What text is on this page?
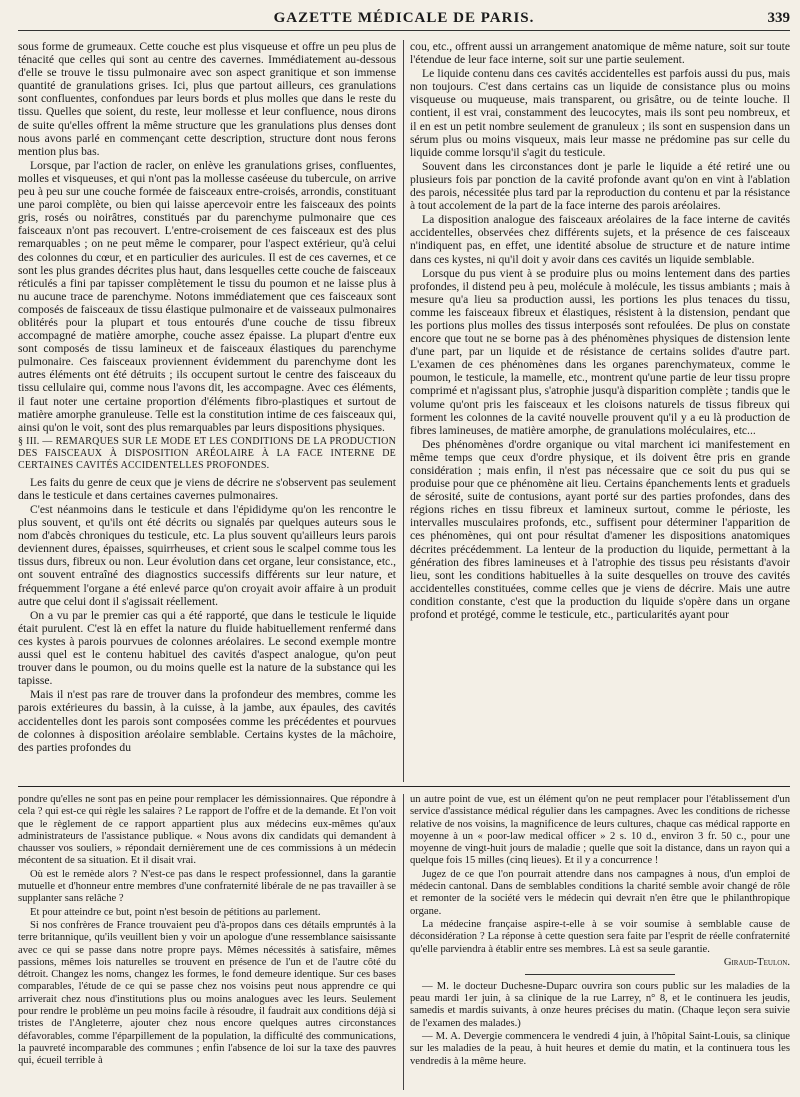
GAZETTE MÉDICALE DE PARIS.	339

sous forme de grumeaux. Cette couche est plus visqueuse et offre un peu plus de ténacité que celles qui sont au centre des cavernes. Immédiatement au-dessous d'elle se trouve le tissu pulmonaire avec son aspect granitique et son immense quantité de granulations grises. Ici, plus que partout ailleurs, ces granulations sont confluentes, confondues par leurs bords et plus molles que dans le reste du tissu. Quelles que soient, du reste, leur mollesse et leur confluence, nous dirons de suite qu'elles offrent la même structure que les granulations plus denses dont nous avons parlé en commençant cette description, structure dont nous ferons mention plus bas.

Lorsque, par l'action de racler, on enlève les granulations grises, confluentes, molles et visqueuses, et qui n'ont pas la mollesse caséeuse du tubercule, on arrive peu à peu sur une couche formée de faisceaux entre-croisés, arrondis, constituant une paroi complète, ou bien qui laisse apercevoir entre les faisceaux des points gris, rosés ou noirâtres, constitués par du parenchyme pulmonaire que ces faisceaux n'ont pas recouvert. L'entre-croisement de ces faisceaux est des plus remarquables ; on ne peut même le comparer, pour l'aspect extérieur, qu'à celui des colonnes du cœur, et en particulier des auricules. Il est de ces cavernes, et ce sont les plus grandes décrites plus haut, dans lesquelles cette couche de faisceaux réticulés a fini par tapisser complètement le tissu du poumon et ne laisse plus à nu aucune trace de parenchyme. Notons immédiatement que ces faisceaux sont composés de faisceaux de tissu élastique pulmonaire et de vaisseaux pulmonaires oblitérés pour la plupart et tous entourés d'une couche de tissu fibreux accompagné de matière amorphe, couche assez épaisse. La plupart d'entre eux sont composés de tissu lamineux et de faisceaux élastiques du parenchyme pulmonaire. Ces faisceaux proviennent évidemment du parenchyme dont les autres éléments ont été détruits ; ils occupent surtout le centre des faisceaux du tissu cellulaire qui, comme nous l'avons dit, les accompagne. Avec ces éléments, il faut noter une certaine proportion d'éléments fibro-plastiques et surtout de matière amorphe granuleuse. Telle est la constitution intime de ces faisceaux qui, ainsi qu'on le voit, sont des plus remarquables par leurs dispositions physiques.

§ III. — REMARQUES SUR LE MODE ET LES CONDITIONS DE LA PRODUCTION DES FAISCEAUX À DISPOSITION ARÉOLAIRE À LA FACE INTERNE DE CERTAINES CAVITÉS ACCIDENTELLES PROFONDES.

Les faits du genre de ceux que je viens de décrire ne s'observent pas seulement dans le testicule et dans certaines cavernes pulmonaires.

C'est néanmoins dans le testicule et dans l'épididyme qu'on les rencontre le plus souvent, et qu'ils ont été décrits ou signalés par quelques auteurs sous le nom d'abcès chroniques du testicule, etc. La plus souvent qu'ailleurs leurs parois deviennent dures, épaisses, squirrheuses, et crient sous le scalpel comme tous les tissus durs, fibreux ou non. Leur évolution dans cet organe, leur consistance, etc., ont souvent entraîné des diagnostics successifs différents sur leur nature, et fréquemment l'organe a été enlevé parce qu'on croyait avoir affaire à un produit autre que celui dont il s'agissait réellement.

On a vu par le premier cas qui a été rapporté, que dans le testicule le liquide était purulent. C'est là en effet la nature du fluide habituellement renfermé dans ces kystes à parois pourvues de colonnes aréolaires. Le second exemple montre aussi quel est le contenu habituel des cavités d'aspect analogue, qu'on peut trouver dans le poumon, ou du moins quelle est la nature de la substance qui les tapisse.

Mais il n'est pas rare de trouver dans la profondeur des membres, comme les parois extérieures du bassin, à la cuisse, à la jambe, aux épaules, des cavités accidentelles dont les parois sont composées comme les précédentes et pourvues de colonnes à disposition aréolaire semblable. Certains kystes de la mâchoire, des parties profondes du

cou, etc., offrent aussi un arrangement anatomique de même nature, soit sur toute l'étendue de leur face interne, soit sur une partie seulement.

Le liquide contenu dans ces cavités accidentelles est parfois aussi du pus, mais non toujours. C'est dans certains cas un liquide de consistance plus ou moins visqueuse ou muqueuse, mais transparent, ou grisâtre, ou de teinte louche. Il contient, il est vrai, constamment des leucocytes, mais ils sont peu nombreux, et il en est un petit nombre seulement de granuleux ; ils sont en suspension dans un sérum plus ou moins visqueux, mais leur masse ne prédomine pas sur celle du liquide comme lorsqu'il s'agit du testicule.

Souvent dans les circonstances dont je parle le liquide a été retiré une ou plusieurs fois par ponction de la cavité profonde avant qu'on en vint à l'ablation des parois, nécessitée plus tard par la reproduction du contenu et par la résistance à tout accolement de la part de la face interne des parois aréolaires.

La disposition analogue des faisceaux aréolaires de la face interne de cavités accidentelles, observées chez différents sujets, et la présence de ces faisceaux n'indiquent pas, en effet, une identité absolue de structure et de nature intime dans ces kystes, ni qu'il doit y avoir dans ces cavités un liquide semblable.

Lorsque du pus vient à se produire plus ou moins lentement dans des parties profondes, il distend peu à peu, molécule à molécule, les tissus ambiants ; mais à mesure qu'a lieu sa production aussi, les portions les plus tenaces du tissu, comme les faisceaux fibreux et élastiques, résistent à la distension, pendant que les portions plus molles des tissus interposés sont refoulées. De plus on constate encore que tout ne se borne pas à des phénomènes physiques de distension lente d'une part, par un liquide et de résistance de certains solides d'autre part. L'examen de ces phénomènes dans les organes parenchymateux, comme le poumon, le testicule, la mamelle, etc., montrent qu'une partie de leur tissu propre comprimé et n'agissant plus, s'atrophie jusqu'à disparition complète ; tandis que le volume qu'ont pris les faisceaux et les cloisons naturels de tissus fibreux qui forment les colonnes de la cavité nouvelle prouvent qu'il y a eu là production de fibres lamineuses, de matière amorphe, de granulations moléculaires, etc...

Des phénomènes d'ordre organique ou vital marchent ici manifestement en même temps que ceux d'ordre physique, et ils doivent être pris en grande considération ; mais enfin, il n'est pas nécessaire que ce soit du pus qui se produise pour que ce phénomène ait lieu. Certains épanchements lents et graduels de sérosité, suite de contusions, ayant porté sur des parties profondes, dans des régions riches en tissu fibreux et lamineux surtout, comme le périoste, les intervalles musculaires profonds, etc., suffisent pour déterminer l'apparition de ces phénomènes, qui ont pour résultat d'amener les dispositions anatomiques décrites précédemment. La lenteur de la production du liquide, permettant à la génération des fibres lamineuses et à l'atrophie des tissus peu résistants d'avoir lieu, sont les conditions habituelles à la suite desquelles on trouve des cavités accidentelles constituées, comme celles que je viens de décrire. Mais une autre condition constante, c'est que la production du liquide s'opère dans un organe profond et protégé, comme le testicule, etc., particularités ayant pour

pondre qu'elles ne sont pas en peine pour remplacer les démissionnaires. Que répondre à cela ? qui est-ce qui règle les salaires ? Le rapport de l'offre et de la demande. Et l'on voit que le règlement de ce rapport appartient plus aux médecins eux-mêmes qu'aux administrateurs de l'assistance publique. « Nous avons dix candidats qui demandent à chausser vos souliers, » répondait dernièrement une de ces commissions à un médecin mécontent de sa situation. Et il disait vrai.

Où est le remède alors ? N'est-ce pas dans le respect professionnel, dans la garantie mutuelle et d'honneur entre membres d'une confraternité libérale de ne pas travailler à se supplanter sans relâche ?

Et pour atteindre ce but, point n'est besoin de pétitions au parlement.

Si nos confrères de France trouvaient peu d'à-propos dans ces détails empruntés à la terre britannique, qu'ils veuillent bien y voir un apologue d'une ressemblance saisissante avec ce qui se passe dans notre propre pays. Mêmes nécessités à satisfaire, mêmes passions, mêmes lois naturelles se trouvent en présence de l'un et de l'autre côté du détroit. Changez les noms, changez les formes, le fond demeure identique. Sur ces bases comparables, l'étude de ce qui se passe chez nos voisins peut nous apprendre ce qui arriverait chez nous d'institutions plus ou moins analogues avec les leurs. Seulement pour rendre le problème un peu moins facile à résoudre, il faudrait aux conditions déjà si tristes de l'Angleterre, ajouter chez nous encore quelques autres circonstances défavorables, comme l'éparpillement de la population, la difficulté des communications, la pauvreté incomparable des communes ; enfin l'absence de loi sur la taxe des pauvres qui, écueil terrible à

un autre point de vue, est un élément qu'on ne peut remplacer pour l'établissement d'un service d'assistance médical régulier dans les campagnes. Avec les conditions de richesse relative de nos voisins, la magnificence de leurs cultures, chaque cas médical rapporte en moyenne à un « poor-law medical officer » 2 s. 10 d., environ 3 fr. 50 c., pour une moyenne de vingt-huit jours de maladie ; quelle que soit la distance, dans un rayon qui a quelque fois 15 milles (cinq lieues). Et il y a concurrence !

Jugez de ce que l'on pourrait attendre dans nos campagnes à nous, d'un emploi de médecin cantonal. Dans de semblables conditions la charité semble avoir changé de rôle et remonter de la société vers le médecin qui devrait n'en être que le philanthropique organe.

La médecine française aspire-t-elle à se voir soumise à semblable cause de déconsidération ? La réponse à cette question sera faite par l'esprit de réelle confraternité qu'elle parviendra à établir entre ses membres. Là est sa seule garantie.

Giraud-Teulon.

— M. le docteur Duchesne-Duparc ouvrira son cours public sur les maladies de la peau mardi 1er juin, à sa clinique de la rue Larrey, n° 8, et le continuera les jeudis, samedis et mardis suivants, à onze heures précises du matin. (Chaque leçon sera suivie de l'examen des malades.)

— M. A. Devergie commencera le vendredi 4 juin, à l'hôpital Saint-Louis, sa clinique sur les maladies de la peau, à huit heures et demie du matin, et la continuera tous les vendredis à la même heure.
